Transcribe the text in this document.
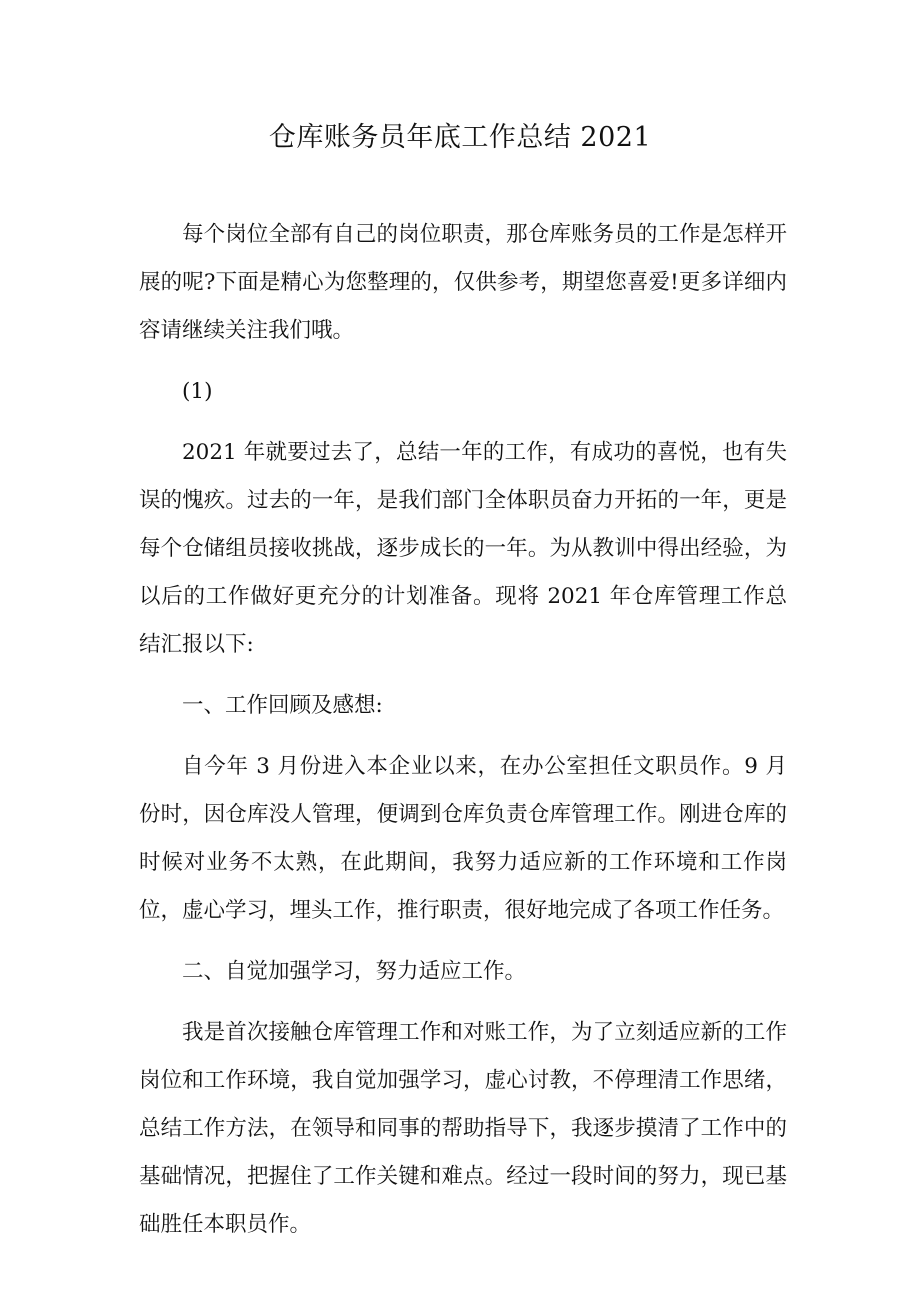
仓库账务员年底工作总结 2021

每个岗位全部有自己的岗位职责，那仓库账务员的工作是怎样开展的呢?下面是精心为您整理的，仅供参考，期望您喜爱!更多详细内容请继续关注我们哦。

(1)

2021 年就要过去了，总结一年的工作，有成功的喜悦，也有失误的愧疚。过去的一年，是我们部门全体职员奋力开拓的一年，更是每个仓储组员接收挑战，逐步成长的一年。为从教训中得出经验，为以后的工作做好更充分的计划准备。现将 2021 年仓库管理工作总结汇报以下:

一、工作回顾及感想:

自今年 3 月份进入本企业以来，在办公室担任文职员作。9 月份时，因仓库没人管理，便调到仓库负责仓库管理工作。刚进仓库的时候对业务不太熟，在此期间，我努力适应新的工作环境和工作岗位，虚心学习，埋头工作，推行职责，很好地完成了各项工作任务。

二、自觉加强学习，努力适应工作。

我是首次接触仓库管理工作和对账工作，为了立刻适应新的工作岗位和工作环境，我自觉加强学习，虚心讨教，不停理清工作思绪，总结工作方法，在领导和同事的帮助指导下，我逐步摸清了工作中的基础情况，把握住了工作关键和难点。经过一段时间的努力，现已基础胜任本职员作。
